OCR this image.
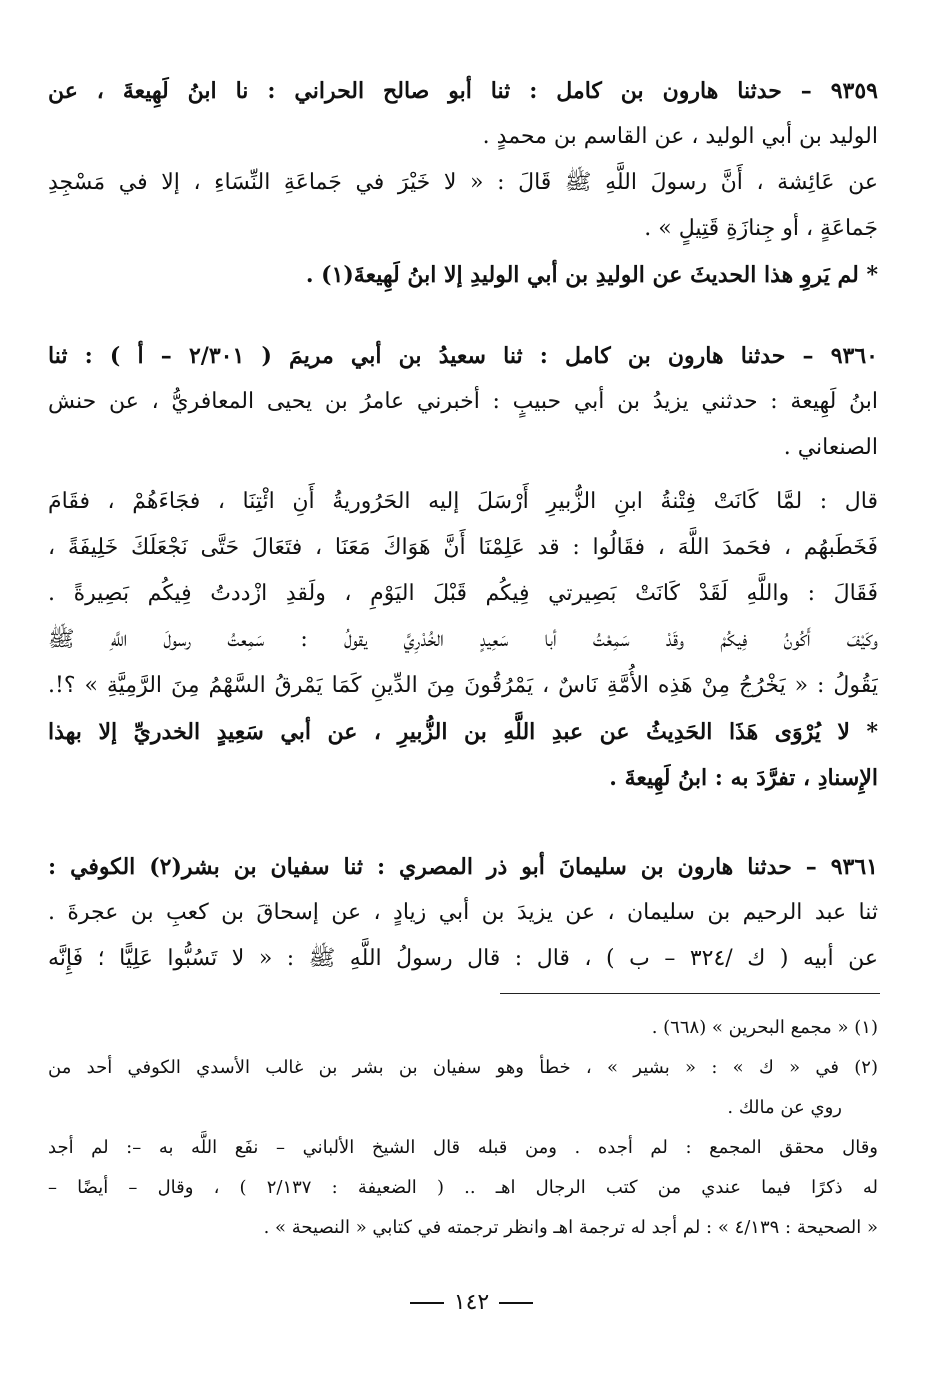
٩٣٥٩ – حدثنا هارون بن كامل : ثنا أبو صالح الحراني : نا ابنُ لَهِيعةَ ، عن
الوليد بن أبي الوليد ، عن القاسم بن محمدٍ .
عن عَائِشة ، أَنَّ رسولَ اللَّهِ ﷺ قَالَ : « لا خَيْرَ في جَماعَةِ النِّسَاءِ ، إلا في مَسْجِدِ
جَماعَةٍ ، أو جِنازَةِ قَتِيلٍ » .
* لم يَروِ هذا الحديثَ عن الوليدِ بن أبي الوليدِ إلا ابنُ لَهِيعةَ(١) .
٩٣٦٠ – حدثنا هارون بن كامل : ثنا سعيدُ بن أبي مريمَ ( ٢/٣٠١ – أ ) : ثنا
ابنُ لَهِيعة : حدثني يزيدُ بن أبي حبيبٍ : أخبرني عامرُ بن يحيى المعافريُّ ، عن حنش
الصنعاني .
قال : لمَّا كَانَتْ فِتْنةُ ابنِ الزُّبيرِ أَرْسَلَ إليه الحَرُوريةُ أَنِ ائْتِنَا ، فجَاءَهُمْ ، فقَامَ
فَخَطَبهُم ، فحَمدَ اللَّهَ ، فقَالُوا : قد عَلِمْنَا أَنَّ هَوَاكَ مَعَنَا ، فتَعَالَ حَتَّى نَجْعَلَكَ خَلِيفَةً ،
فَقَالَ : واللَّهِ لَقَدْ كَانَتْ بَصِيرتي فِيكُم قَبْلَ اليَوْمِ ، ولَقدِ ازْددتُ فِيكُم بَصِيرةً .
وكَيْفَ أَكُونُ فِيكُمْ وقَدْ سَمِعْتُ أبا سَعِيدٍ الخُدْرِيَّ يقولُ : سَمِعتُ رسولَ اللَّهِ ﷺ
يَقُولُ : « يَخْرُجُ مِنْ هَذِه الأُمَّةِ نَاسٌ ، يَمْرُقُونَ مِنَ الدِّينِ كَمَا يَمْرقُ السَّهْمُ مِنَ الرَّمِيَّةِ » ؟!.
* لا يُرْوَى هَذَا الحَدِيثُ عن عبدِ اللَّهِ بن الزُّبيرِ ، عن أبي سَعِيدٍ الخدريِّ إلا بهذا
الإِسنادِ ، تفرَّدَ به : ابنُ لَهِيعةَ .
٩٣٦١ – حدثنا هارون بن سليمانَ أبو ذر المصري : ثنا سفيان بن بشر(٢) الكوفي :
ثنا عبد الرحيم بن سليمان ، عن يزيدَ بن أبي زيادٍ ، عن إسحاقَ بن كعبِ بن عجرةَ .
عن أبيه ( ك /٣٢٤ – ب ) ، قال : قال رسولُ اللَّهِ ﷺ : « لا تَسُبُّوا عَلِيًّا ؛ فَإِنَّه
(١) « مجمع البحرين » (٦٦٨) .
(٢) في « ك » : « بشير » ، خطأ وهو سفيان بن بشر بن غالب الأسدي الكوفي أحد من
روي عن مالك .
وقال محقق المجمع : لم أجده . ومن قبله قال الشيخ الألباني – نفَع اللَّه به –: لم أجد
له ذكرًا فيما عندي من كتب الرجال اهـ .. ( الضعيفة : ٢/١٣٧ ) ، وقال – أيضًا –
« الصحيحة : ٤/١٣٩ » : لم أجد له ترجمة اهـ وانظر ترجمته في كتابي « النصيحة » .
١٤٢
